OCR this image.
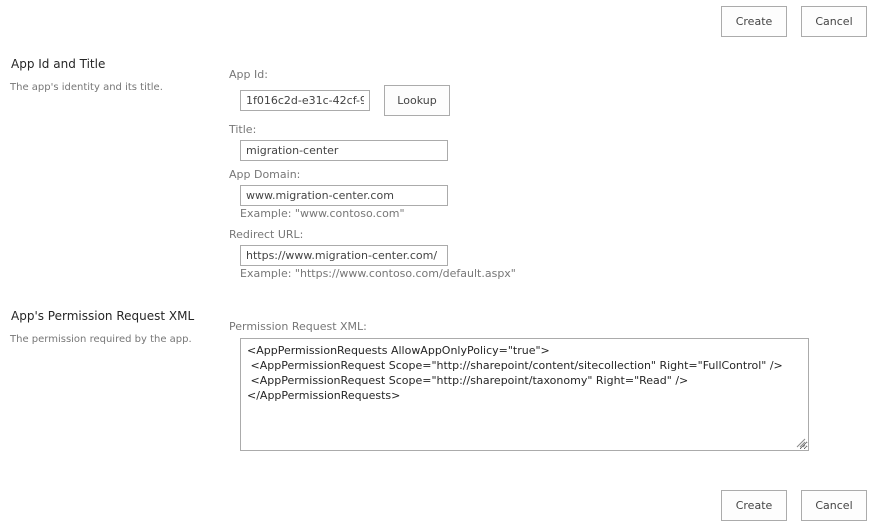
Create	Cancel
App Id and Title
The app's identity and its title.
App Id:
1f016c2d-e31c-42cf-95
Lookup
Title:
migration-center
App Domain:
www.migration-center.com
Example: "www.contoso.com"
Redirect URL:
https://www.migration-center.com/
Example: "https://www.contoso.com/default.aspx"
App's Permission Request XML
The permission required by the app.
Permission Request XML:
<AppPermissionRequests AllowAppOnlyPolicy="true"> <AppPermissionRequest Scope="http://sharepoint/content/sitecollection" Right="FullControl" /> <AppPermissionRequest Scope="http://sharepoint/taxonomy" Right="Read" /> </AppPermissionRequests>
Create	Cancel
